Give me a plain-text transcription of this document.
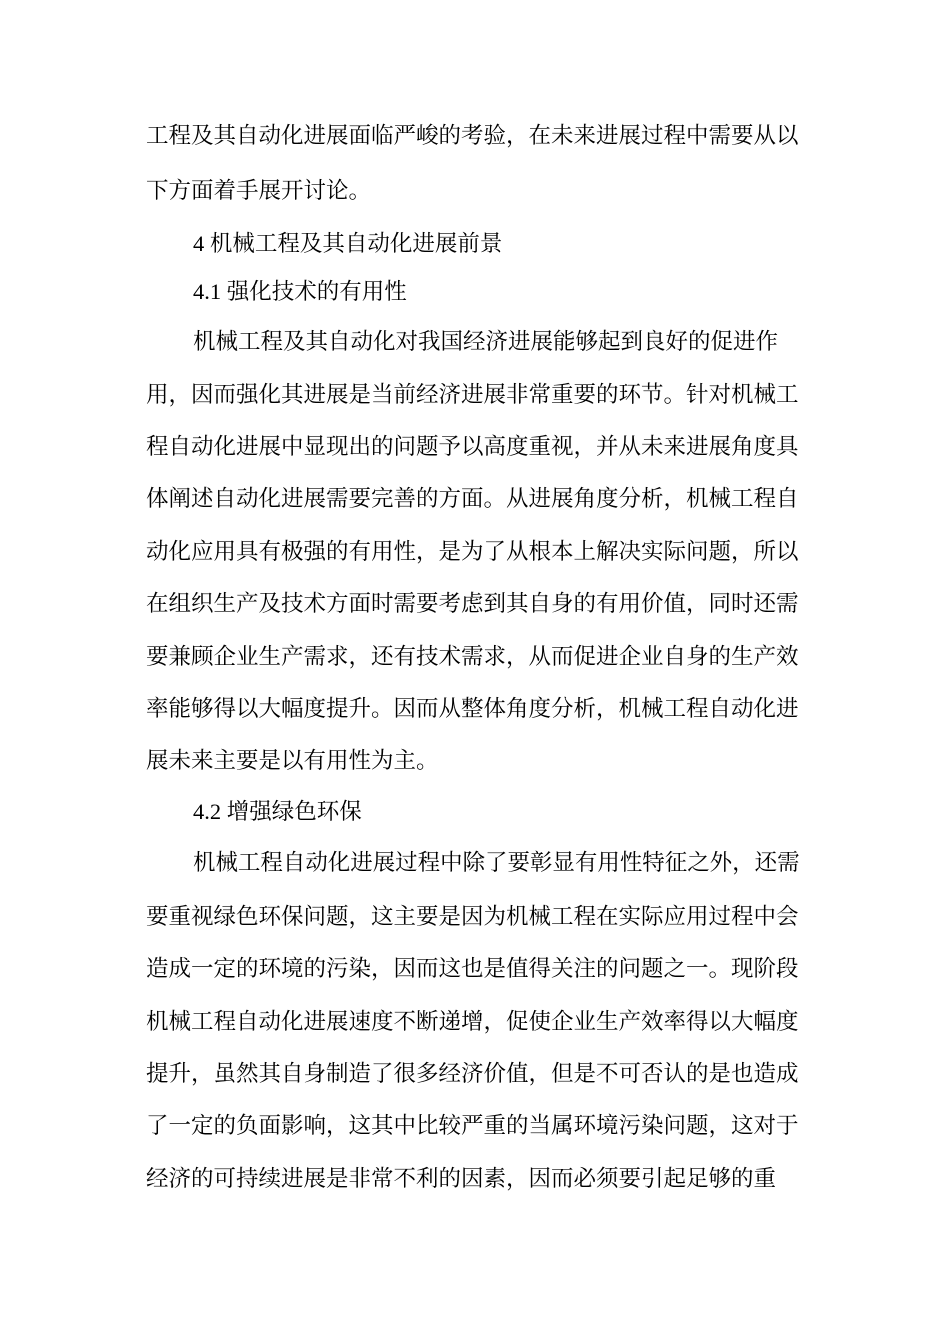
工程及其自动化进展面临严峻的考验，在未来进展过程中需要从以
下方面着手展开讨论。
4 机械工程及其自动化进展前景
4.1 强化技术的有用性
机械工程及其自动化对我国经济进展能够起到良好的促进作
用，因而强化其进展是当前经济进展非常重要的环节。针对机械工
程自动化进展中显现出的问题予以高度重视，并从未来进展角度具
体阐述自动化进展需要完善的方面。从进展角度分析，机械工程自
动化应用具有极强的有用性，是为了从根本上解决实际问题，所以
在组织生产及技术方面时需要考虑到其自身的有用价值，同时还需
要兼顾企业生产需求，还有技术需求，从而促进企业自身的生产效
率能够得以大幅度提升。因而从整体角度分析，机械工程自动化进
展未来主要是以有用性为主。
4.2 增强绿色环保
机械工程自动化进展过程中除了要彰显有用性特征之外，还需
要重视绿色环保问题，这主要是因为机械工程在实际应用过程中会
造成一定的环境的污染，因而这也是值得关注的问题之一。现阶段
机械工程自动化进展速度不断递增，促使企业生产效率得以大幅度
提升，虽然其自身制造了很多经济价值，但是不可否认的是也造成
了一定的负面影响，这其中比较严重的当属环境污染问题，这对于
经济的可持续进展是非常不利的因素，因而必须要引起足够的重
